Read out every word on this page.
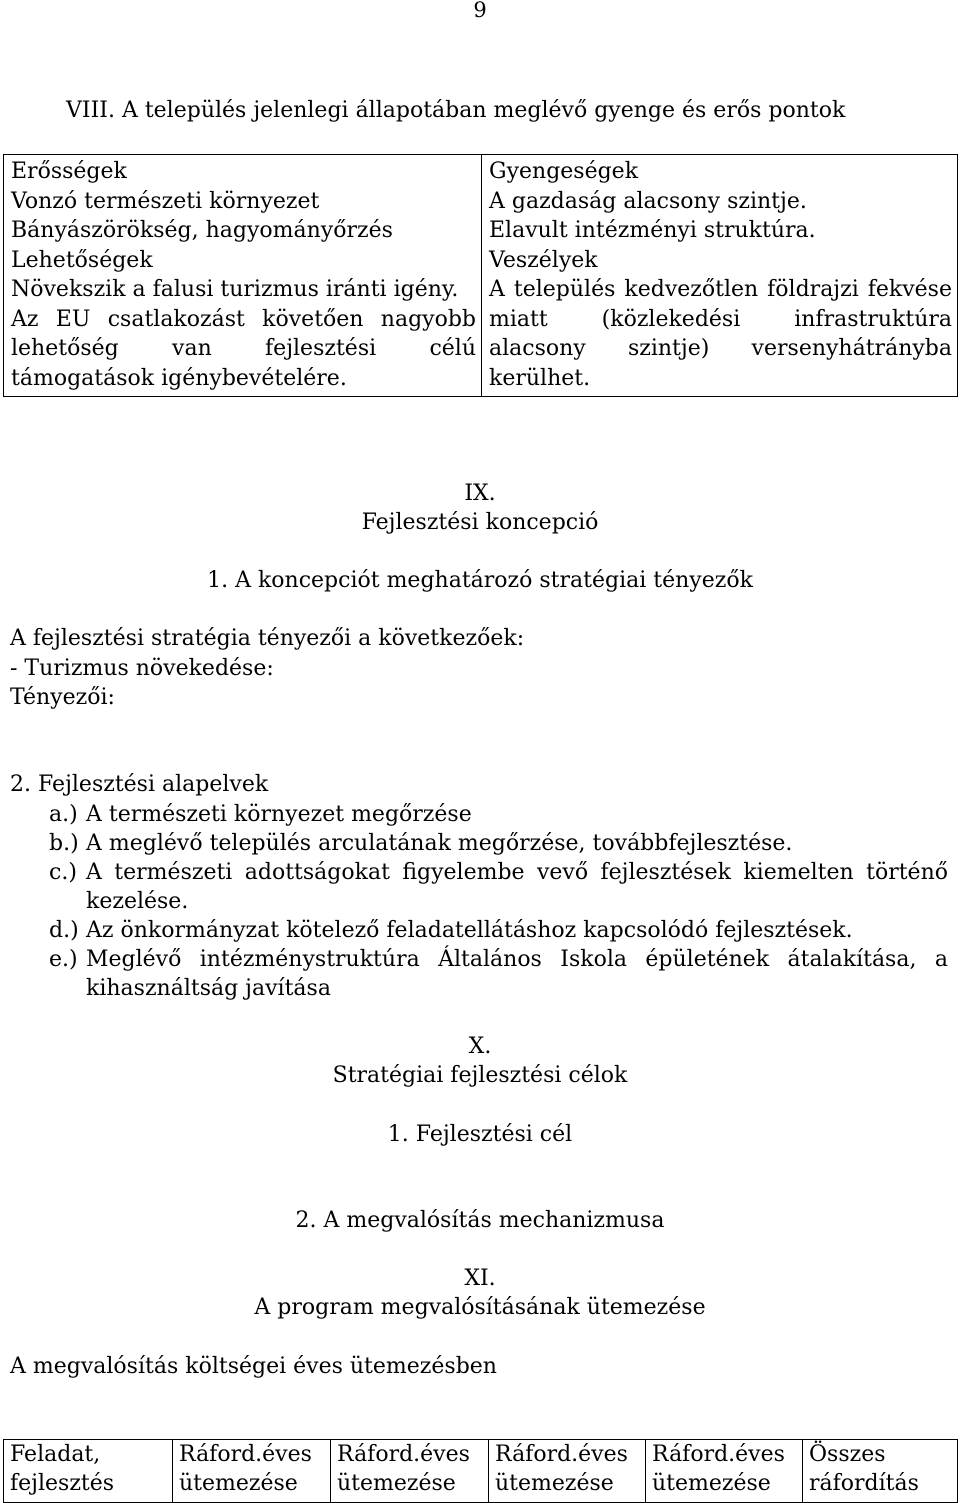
9
VIII. A település jelenlegi állapotában meglévő gyenge és erős pontok
Erősségek
Vonzó természeti környezet
Bányászörökség, hagyományőrzés
Lehetőségek
Növekszik a falusi turizmus iránti igény.
Az EU csatlakozást követően nagyobb lehetőség van fejlesztési célú támogatások igénybevételére.

Gyengeségek
A gazdaság alacsony szintje.
Elavult intézményi struktúra.
Veszélyek
A település kedvezőtlen földrajzi fekvése miatt (közlekedési infrastruktúra alacsony szintje) versenyhátrányba kerülhet.
IX.
Fejlesztési koncepció
1. A koncepciót meghatározó stratégiai tényezők
A fejlesztési stratégia tényezői a következőek:
- Turizmus növekedése:
Tényezői:
2. Fejlesztési alapelvek
a.) A természeti környezet megőrzése
b.) A meglévő település arculatának megőrzése, továbbfejlesztése.
c.) A természeti adottságokat figyelembe vevő fejlesztések kiemelten történő kezelése.
d.) Az önkormányzat kötelező feladatellátáshoz kapcsolódó fejlesztések.
e.) Meglévő intézménystruktúra Általános Iskola épületének átalakítása, a kihasználtság javítása
X.
Stratégiai fejlesztési célok
1. Fejlesztési cél
2. A megvalósítás mechanizmusa
XI.
A program megvalósításának ütemezése
A megvalósítás költségei éves ütemezésben
Feladat,
fejlesztés

Ráford.éves
ütemezése

Ráford.éves
ütemezése

Ráford.éves
ütemezése

Ráford.éves
ütemezése

Összes
ráfordítás
